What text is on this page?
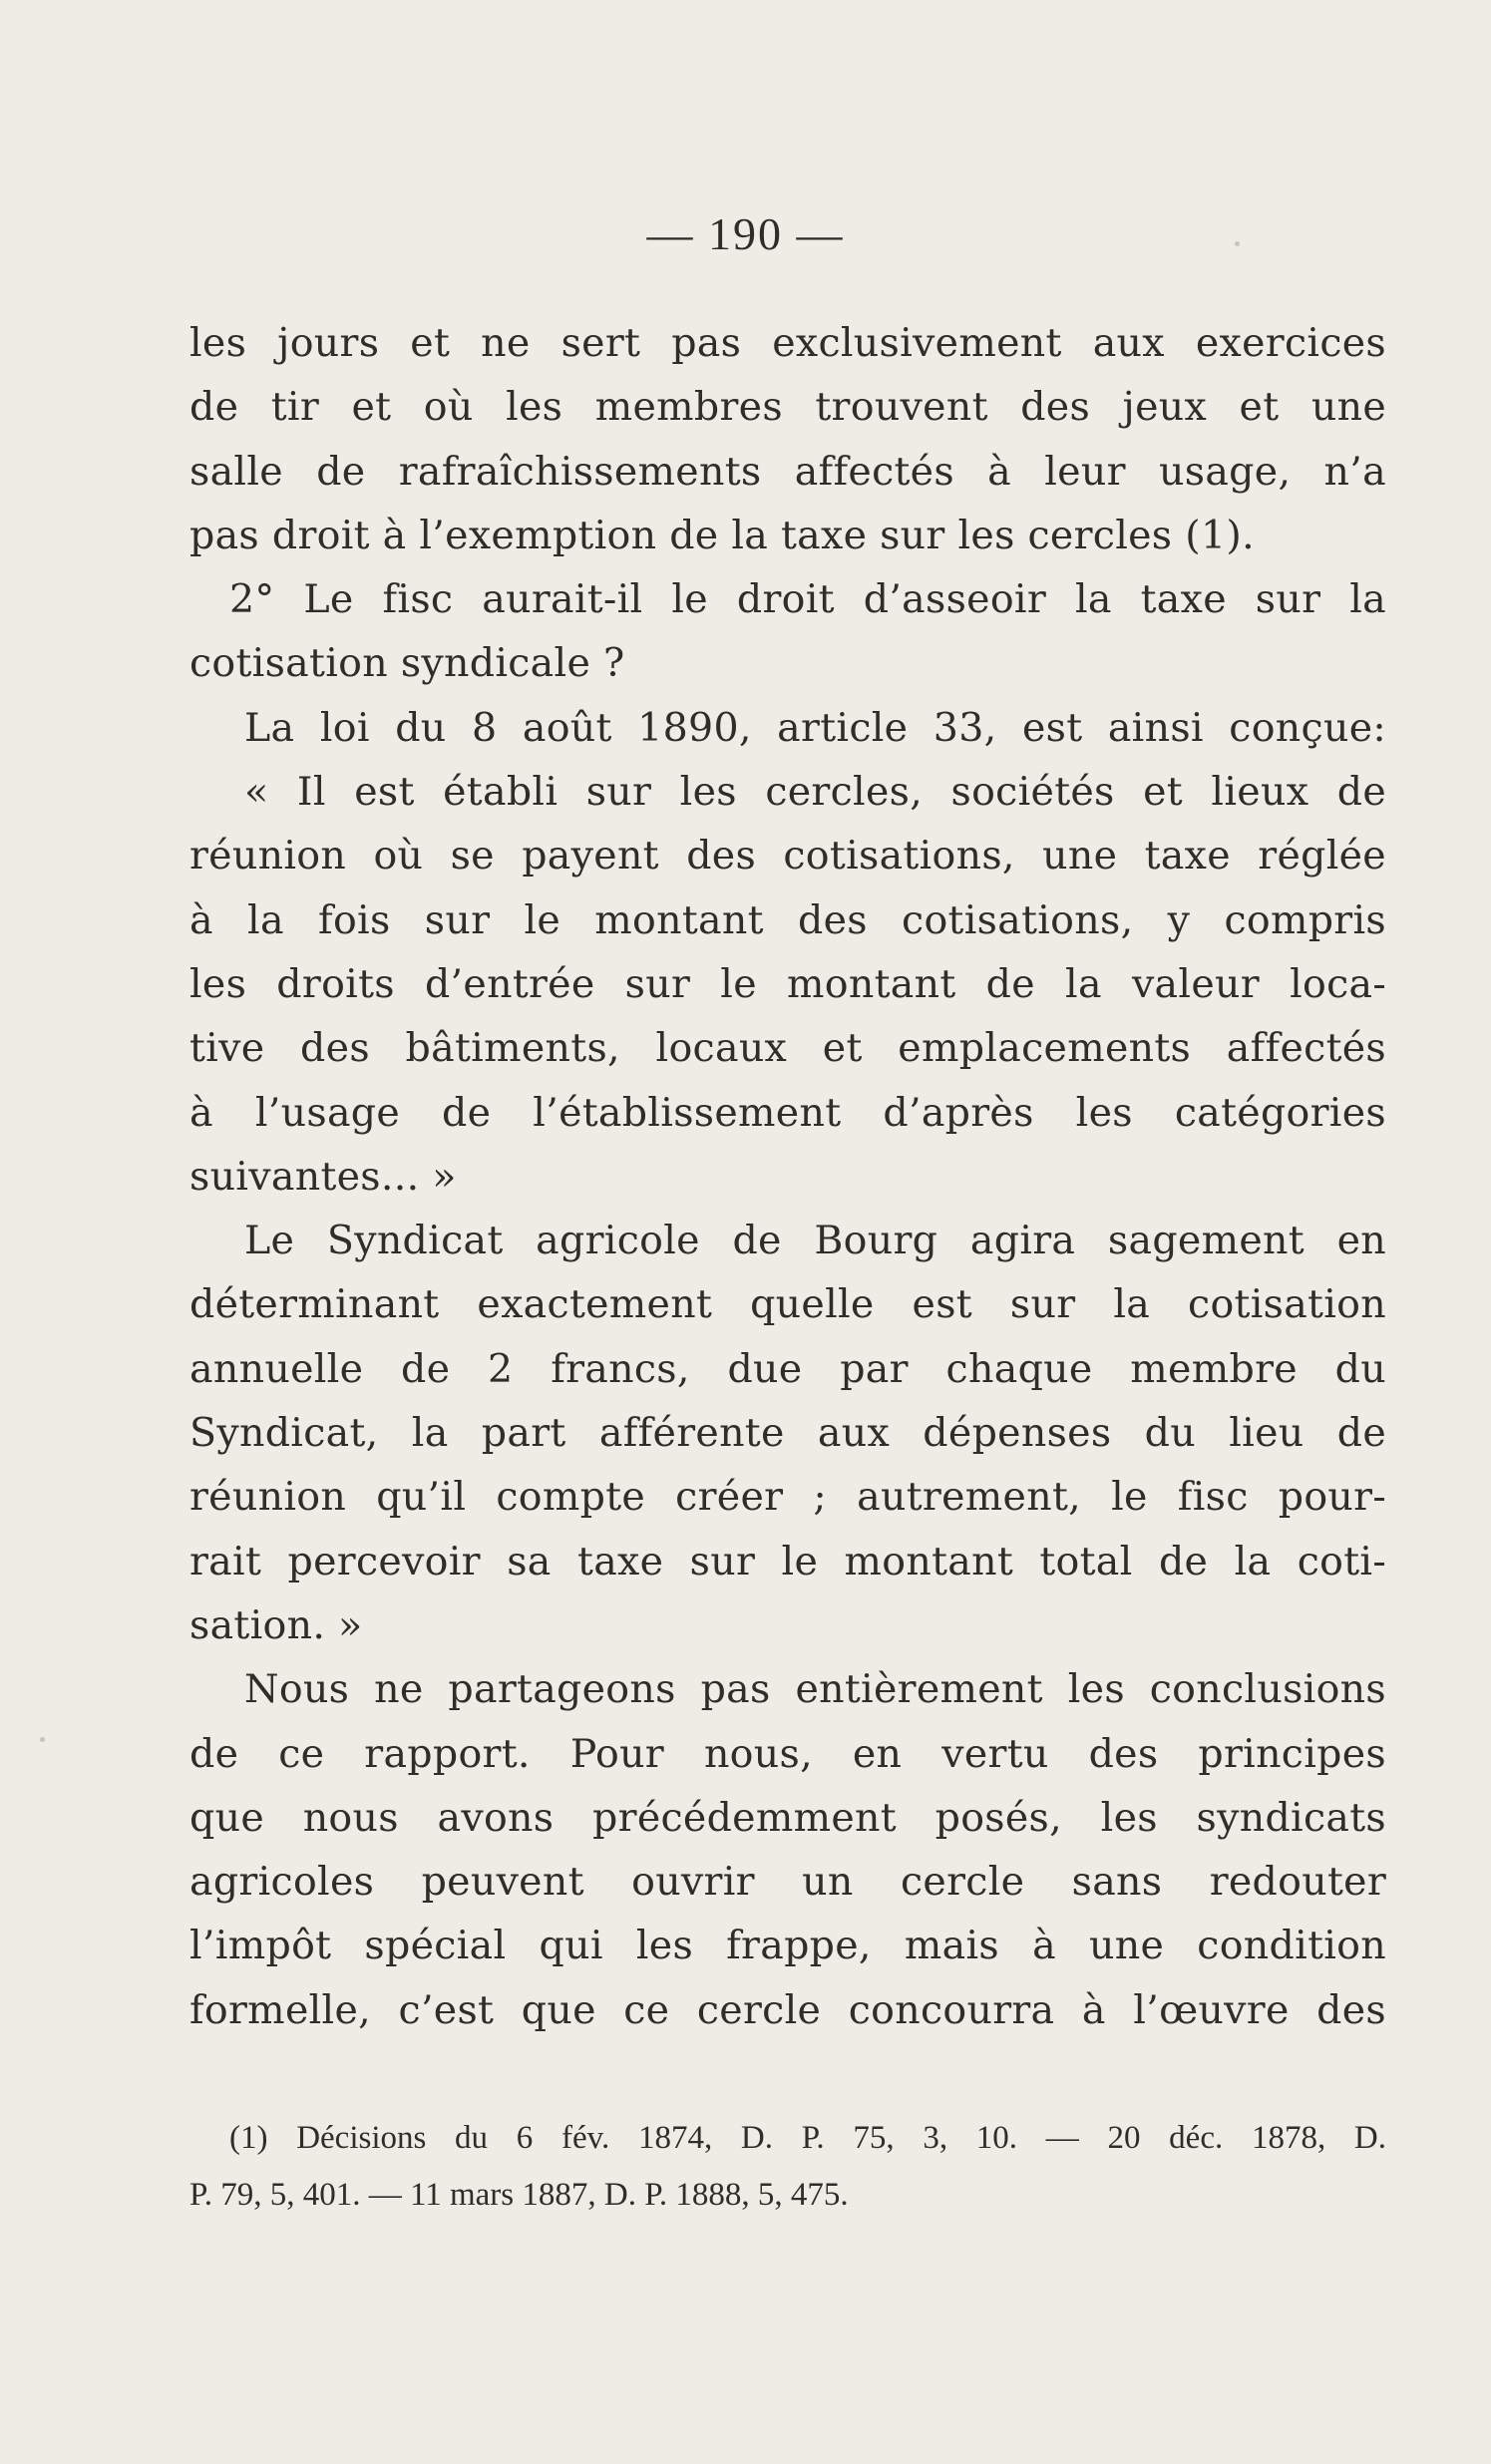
— 190 —
les jours et ne sert pas exclusivement aux exercices
de tir et où les membres trouvent des jeux et une
salle de rafraîchissements affectés à leur usage, n’a
pas droit à l’exemption de la taxe sur les cercles (1).
2° Le fisc aurait-il le droit d’asseoir la taxe sur la
cotisation syndicale ?
La loi du 8 août 1890, article 33, est ainsi conçue:
« Il est établi sur les cercles, sociétés et lieux de
réunion où se payent des cotisations, une taxe réglée
à la fois sur le montant des cotisations, y compris
les droits d’entrée sur le montant de la valeur loca-
tive des bâtiments, locaux et emplacements affectés
à l’usage de l’établissement d’après les catégories
suivantes... »
Le Syndicat agricole de Bourg agira sagement en
déterminant exactement quelle est sur la cotisation
annuelle de 2 francs, due par chaque membre du
Syndicat, la part afférente aux dépenses du lieu de
réunion qu’il compte créer ; autrement, le fisc pour-
rait percevoir sa taxe sur le montant total de la coti-
sation. »
Nous ne partageons pas entièrement les conclusions
de ce rapport. Pour nous, en vertu des principes
que nous avons précédemment posés, les syndicats
agricoles peuvent ouvrir un cercle sans redouter
l’impôt spécial qui les frappe, mais à une condition
formelle, c’est que ce cercle concourra à l’œuvre des
(1) Décisions du 6 fév. 1874, D. P. 75, 3, 10. — 20 déc. 1878, D.
P. 79, 5, 401. — 11 mars 1887, D. P. 1888, 5, 475.
